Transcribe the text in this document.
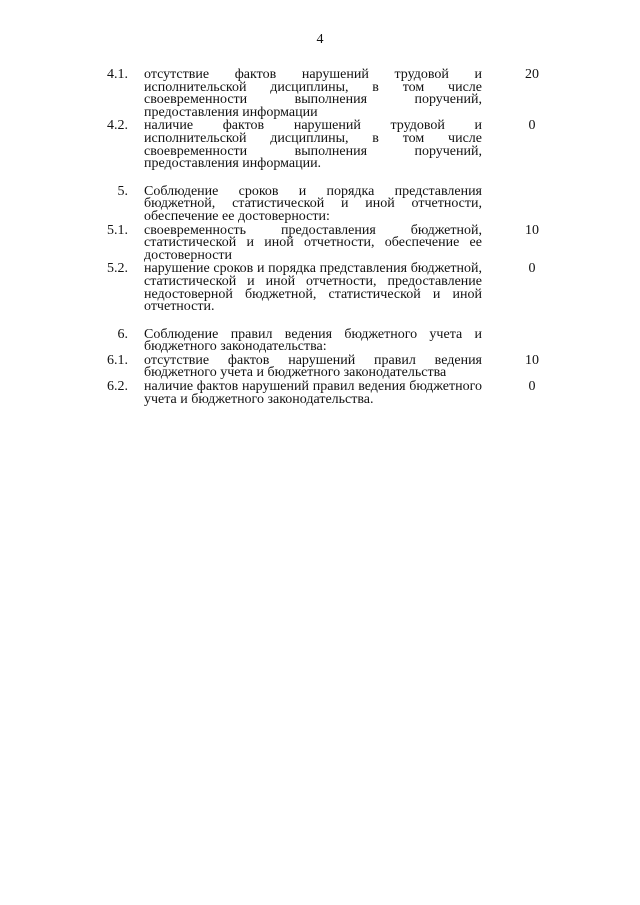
4
4.1. отсутствие фактов нарушений трудовой и исполнительской дисциплины, в том числе своевременности выполнения поручений, предоставления информации
20
4.2. наличие фактов нарушений трудовой и исполнительской дисциплины, в том числе своевременности выполнения поручений, предоставления информации.
0
5. Соблюдение сроков и порядка представления бюджетной, статистической и иной отчетности, обеспечение ее достоверности:
5.1. своевременность предоставления бюджетной, статистической и иной отчетности, обеспечение ее достоверности
10
5.2. нарушение сроков и порядка представления бюджетной, статистической и иной отчетности, предоставление недостоверной бюджетной, статистической и иной отчетности.
0
6. Соблюдение правил ведения бюджетного учета и бюджетного законодательства:
6.1. отсутствие фактов нарушений правил ведения бюджетного учета и бюджетного законодательства
10
6.2. наличие фактов нарушений правил ведения бюджетного учета и бюджетного законодательства.
0
